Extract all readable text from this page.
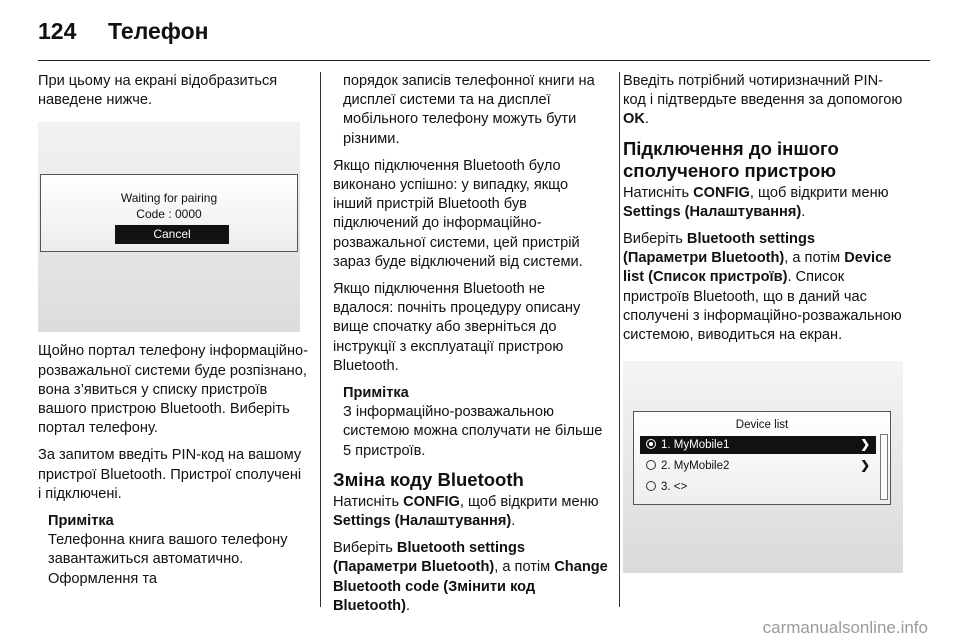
124 Телефон

При цьому на екрані відобразиться наведене нижче.

Waiting for pairing
Code : 0000
Cancel

Щойно портал телефону інформаційно-розважальної системи буде розпізнано, вона з’явиться у списку пристроїв вашого пристрою Bluetooth. Виберіть портал телефону.

За запитом введіть PIN-код на вашому пристрої Bluetooth. Пристрої сполучені і підключені.

Примітка
Телефонна книга вашого телефону завантажиться автоматично. Оформлення та

порядок записів телефонної книги на дисплеї системи та на дисплеї мобільного телефону можуть бути різними.

Якщо підключення Bluetooth було виконано успішно: у випадку, якщо інший пристрій Bluetooth був підключений до інформаційно-розважальної системи, цей пристрій зараз буде відключений від системи.

Якщо підключення Bluetooth не вдалося: почніть процедуру описану вище спочатку або зверніться до інструкції з експлуатації пристрою Bluetooth.

Примітка
З інформаційно-розважальною системою можна сполучати не більше 5 пристроїв.
Зміна коду Bluetooth

Натисніть CONFIG, щоб відкрити меню Settings (Налаштування).

Виберіть Bluetooth settings (Параметри Bluetooth), а потім Change Bluetooth code (Змінити код Bluetooth).

Введіть потрібний чотиризначний PIN-код і підтвердьте введення за допомогою OK.

Підключення до іншого сполученого пристрою

Натисніть CONFIG, щоб відкрити меню Settings (Налаштування).

Виберіть Bluetooth settings (Параметри Bluetooth), а потім Device list (Список пристроїв). Список пристроїв Bluetooth, що в даний час сполучені з інформаційно-розважальною системою, виводиться на екран.

Device list
1. MyMobile1	❯
2. MyMobile2	❯
3. <>
carmanualsonline.info
